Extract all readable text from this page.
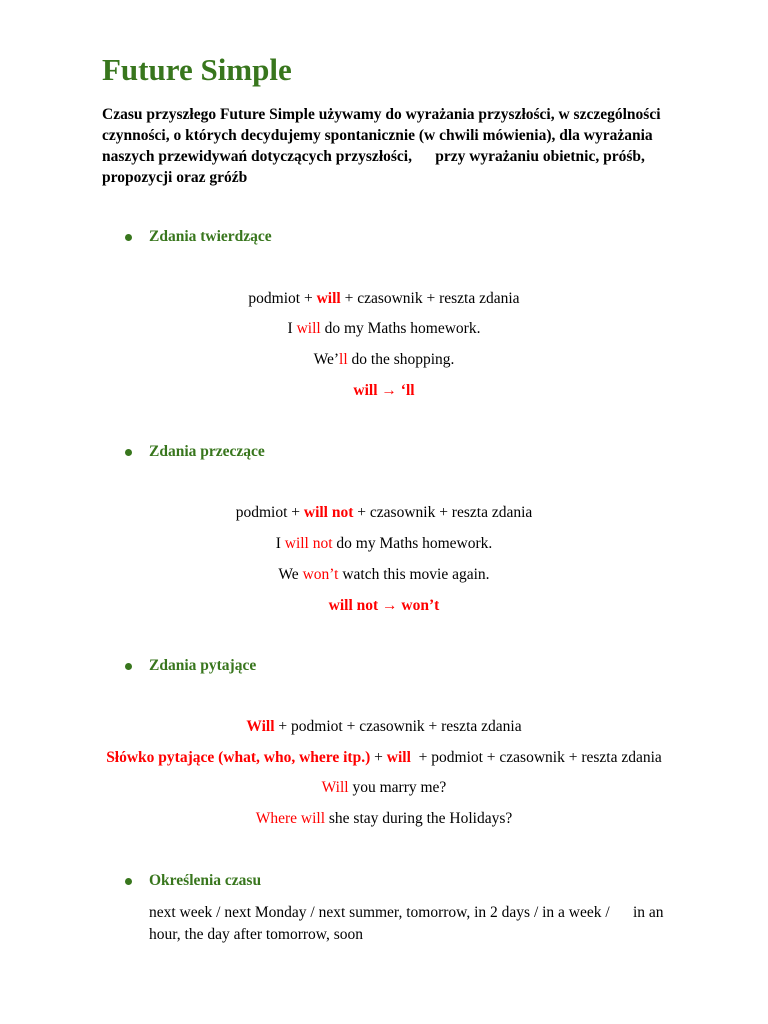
Future Simple

Czasu przyszłego Future Simple używamy do wyrażania przyszłości, w szczególności

czynności, o których decydujemy spontanicznie (w chwili mówienia), dla wyrażania

naszych przewidywań dotyczących przyszłości,      przy wyrażaniu obietnic, próśb,

propozycji oraz gróźb

Zdania twierdzące

podmiot + will + czasownik + reszta zdania

I will do my Maths homework.

We’ll do the shopping.

will → ‘ll

Zdania przeczące

podmiot + will not + czasownik + reszta zdania

I will not do my Maths homework.

We won’t watch this movie again.

will not → won’t

Zdania pytające

Will + podmiot + czasownik + reszta zdania

Słówko pytające (what, who, where itp.) + will  + podmiot + czasownik + reszta zdania

Will you marry me?

Where will she stay during the Holidays?

Określenia czasu
next week / next Monday / next summer, tomorrow, in 2 days / in a week /      in an
hour, the day after tomorrow, soon
